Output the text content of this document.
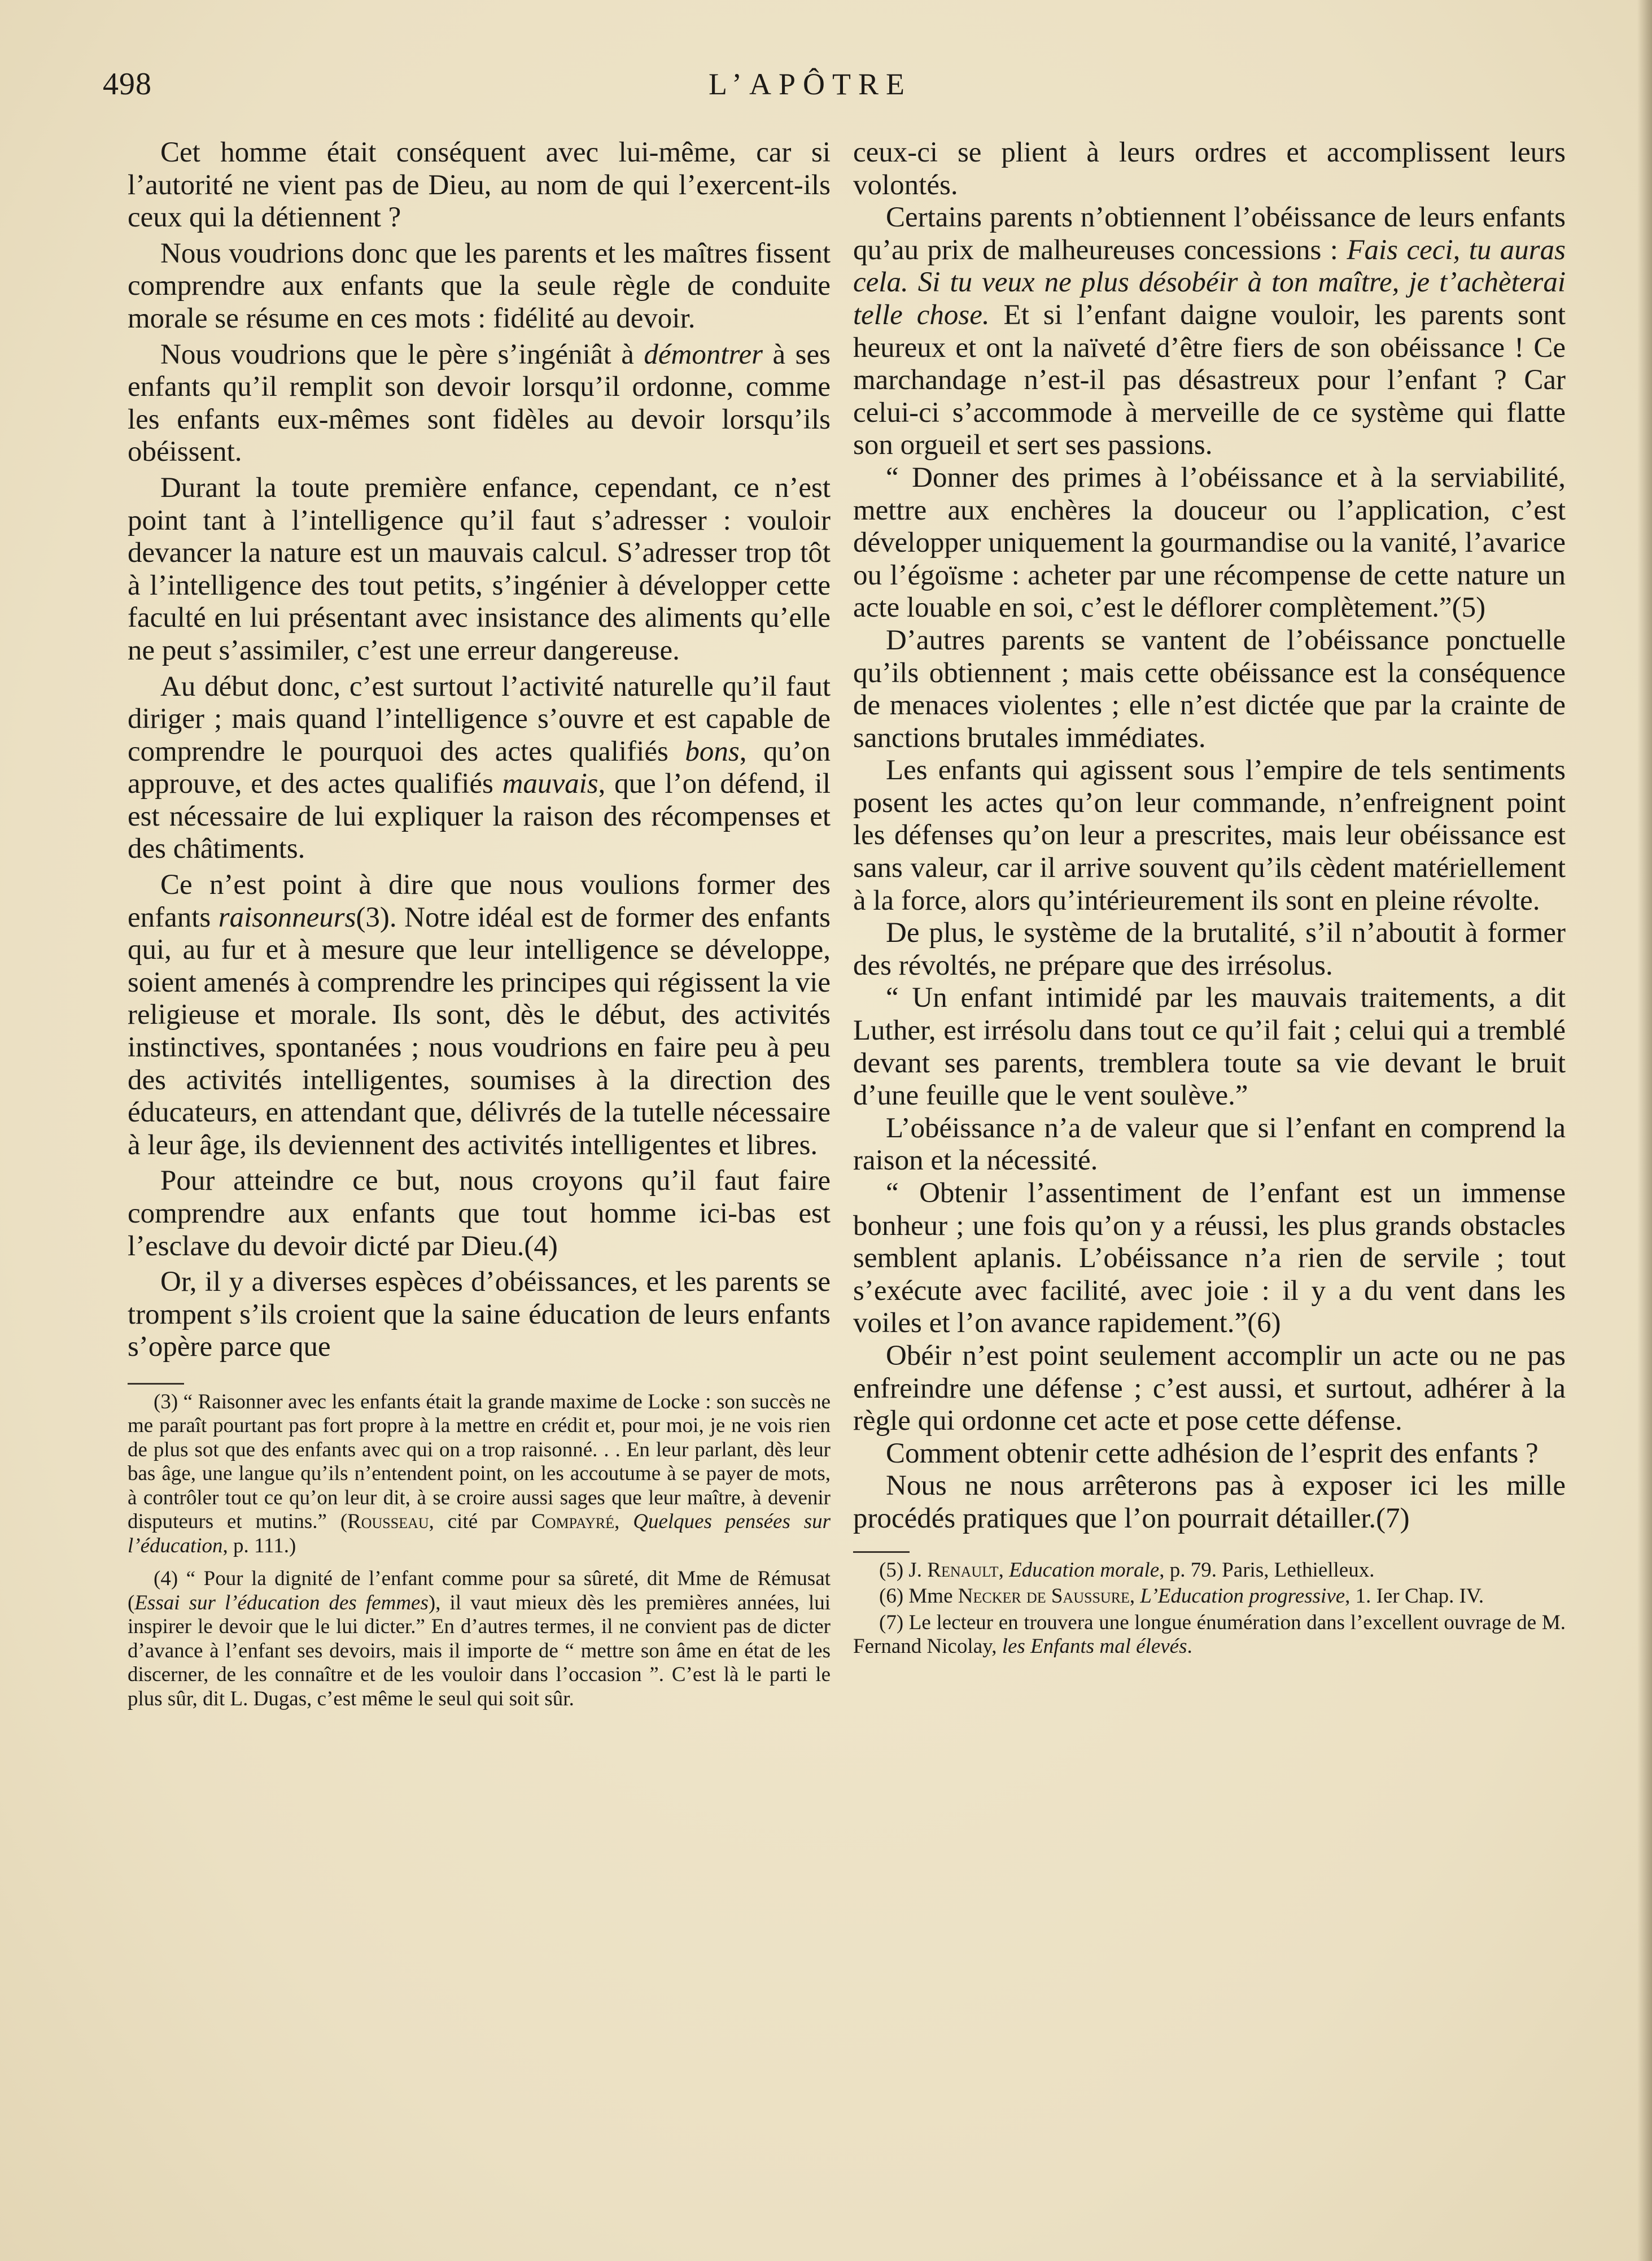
498	L’APÔTRE

Cet homme était conséquent avec lui-même, car si l’autorité ne vient pas de Dieu, au nom de qui l’exercent-ils ceux qui la détiennent ?

Nous voudrions donc que les parents et les maîtres fissent comprendre aux enfants que la seule règle de conduite morale se résume en ces mots : fidélité au devoir.

Nous voudrions que le père s’ingéniât à démontrer à ses enfants qu’il remplit son devoir lorsqu’il ordonne, comme les enfants eux-mêmes sont fidèles au devoir lorsqu’ils obéissent.

Durant la toute première enfance, cependant, ce n’est point tant à l’intelligence qu’il faut s’adresser : vouloir devancer la nature est un mauvais calcul. S’adresser trop tôt à l’intelligence des tout petits, s’ingénier à développer cette faculté en lui présentant avec insistance des aliments qu’elle ne peut s’assimiler, c’est une erreur dangereuse.

Au début donc, c’est surtout l’activité naturelle qu’il faut diriger ; mais quand l’intelligence s’ouvre et est capable de comprendre le pourquoi des actes qualifiés bons, qu’on approuve, et des actes qualifiés mauvais, que l’on défend, il est nécessaire de lui expliquer la raison des récompenses et des châtiments.

Ce n’est point à dire que nous voulions former des enfants raisonneurs(3). Notre idéal est de former des enfants qui, au fur et à mesure que leur intelligence se développe, soient amenés à comprendre les principes qui régissent la vie religieuse et morale. Ils sont, dès le début, des activités instinctives, spontanées ; nous voudrions en faire peu à peu des activités intelligentes, soumises à la direction des éducateurs, en attendant que, délivrés de la tutelle nécessaire à leur âge, ils deviennent des activités intelligentes et libres.

Pour atteindre ce but, nous croyons qu’il faut faire comprendre aux enfants que tout homme ici-bas est l’esclave du devoir dicté par Dieu.(4)

Or, il y a diverses espèces d’obéissances, et les parents se trompent s’ils croient que la saine éducation de leurs enfants s’opère parce que

(3) “ Raisonner avec les enfants était la grande maxime de Locke : son succès ne me paraît pourtant pas fort propre à la mettre en crédit et, pour moi, je ne vois rien de plus sot que des enfants avec qui on a trop raisonné. . . En leur parlant, dès leur bas âge, une langue qu’ils n’entendent point, on les accoutume à se payer de mots, à contrôler tout ce qu’on leur dit, à se croire aussi sages que leur maître, à devenir disputeurs et mutins.” (Rousseau, cité par Compayré, Quelques pensées sur l’éducation, p. 111.)

(4) “ Pour la dignité de l’enfant comme pour sa sûreté, dit Mme de Rémusat (Essai sur l’éducation des femmes), il vaut mieux dès les premières années, lui inspirer le devoir que le lui dicter.” En d’autres termes, il ne convient pas de dicter d’avance à l’enfant ses devoirs, mais il importe de “ mettre son âme en état de les discerner, de les connaître et de les vouloir dans l’occasion ”. C’est là le parti le plus sûr, dit L. Dugas, c’est même le seul qui soit sûr.

ceux-ci se plient à leurs ordres et accomplissent leurs volontés.

Certains parents n’obtiennent l’obéissance de leurs enfants qu’au prix de malheureuses concessions : Fais ceci, tu auras cela. Si tu veux ne plus désobéir à ton maître, je t’achèterai telle chose. Et si l’enfant daigne vouloir, les parents sont heureux et ont la naïveté d’être fiers de son obéissance ! Ce marchandage n’est-il pas désastreux pour l’enfant ? Car celui-ci s’accommode à merveille de ce système qui flatte son orgueil et sert ses passions.

“ Donner des primes à l’obéissance et à la serviabilité, mettre aux enchères la douceur ou l’application, c’est développer uniquement la gourmandise ou la vanité, l’avarice ou l’égoïsme : acheter par une récompense de cette nature un acte louable en soi, c’est le déflorer complètement.”(5)

D’autres parents se vantent de l’obéissance ponctuelle qu’ils obtiennent ; mais cette obéissance est la conséquence de menaces violentes ; elle n’est dictée que par la crainte de sanctions brutales immédiates.

Les enfants qui agissent sous l’empire de tels sentiments posent les actes qu’on leur commande, n’enfreignent point les défenses qu’on leur a prescrites, mais leur obéissance est sans valeur, car il arrive souvent qu’ils cèdent matériellement à la force, alors qu’intérieurement ils sont en pleine révolte.

De plus, le système de la brutalité, s’il n’aboutit à former des révoltés, ne prépare que des irrésolus.

“ Un enfant intimidé par les mauvais traitements, a dit Luther, est irrésolu dans tout ce qu’il fait ; celui qui a tremblé devant ses parents, tremblera toute sa vie devant le bruit d’une feuille que le vent soulève.”

L’obéissance n’a de valeur que si l’enfant en comprend la raison et la nécessité.

“ Obtenir l’assentiment de l’enfant est un immense bonheur ; une fois qu’on y a réussi, les plus grands obstacles semblent aplanis. L’obéissance n’a rien de servile ; tout s’exécute avec facilité, avec joie : il y a du vent dans les voiles et l’on avance rapidement.”(6)

Obéir n’est point seulement accomplir un acte ou ne pas enfreindre une défense ; c’est aussi, et surtout, adhérer à la règle qui ordonne cet acte et pose cette défense.

Comment obtenir cette adhésion de l’esprit des enfants ?

Nous ne nous arrêterons pas à exposer ici les mille procédés pratiques que l’on pourrait détailler.(7)

(5) J. Renault, Education morale, p. 79. Paris, Lethielleux.

(6) Mme Necker de Saussure, L’Education progressive, 1. Ier Chap. IV.

(7) Le lecteur en trouvera une longue énumération dans l’excellent ouvrage de M. Fernand Nicolay, les Enfants mal élevés.
